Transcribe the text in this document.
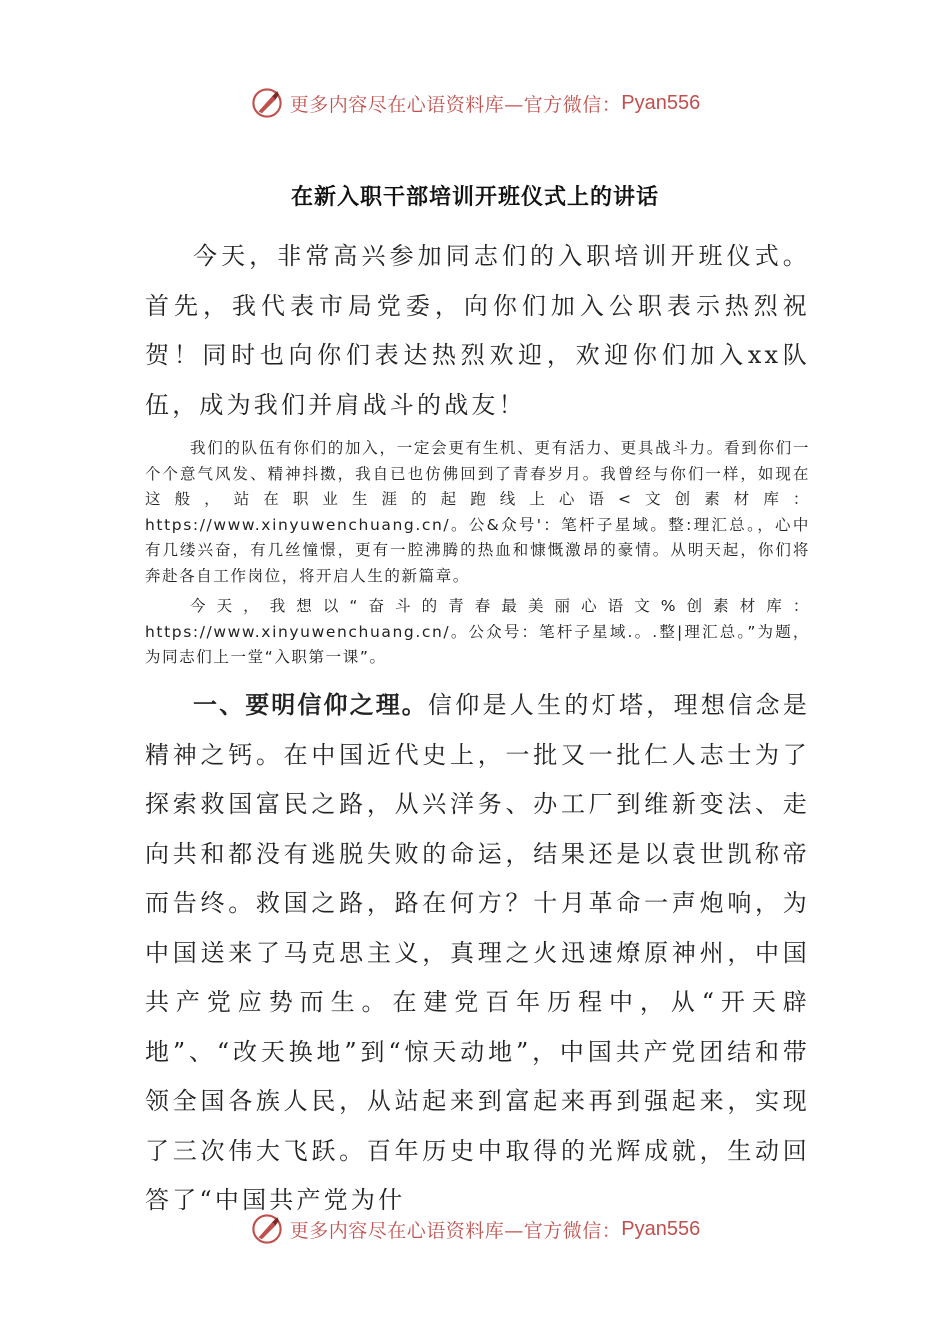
更多内容尽在心语资料库—官方微信： Pyan556
在新入职干部培训开班仪式上的讲话

今天，非常高兴参加同志们的入职培训开班仪式。首先，我代表市局党委，向你们加入公职表示热烈祝贺！同时也向你们表达热烈欢迎，欢迎你们加入xx队伍，成为我们并肩战斗的战友！

我们的队伍有你们的加入，一定会更有生机、更有活力、更具战斗力。看到你们一个个意气风发、精神抖擞，我自已也仿佛回到了青春岁月。我曾经与你们一样，如现在这般，站在职业生涯的起跑线上心语<文创素材库：https://www.xinyuwenchuang.cn/。公&众号'：笔杆子星域。整:理汇总。，心中有几缕兴奋，有几丝憧憬，更有一腔沸腾的热血和慷慨激昂的豪情。从明天起，你们将奔赴各自工作岗位，将开启人生的新篇章。

今天，我想以“奋斗的青春最美丽心语文%创素材库：https://www.xinyuwenchuang.cn/。公众号：笔杆子星域.。.整|理汇总。”为题，为同志们上一堂“入职第一课”。

一、要明信仰之理。信仰是人生的灯塔，理想信念是精神之钙。在中国近代史上，一批又一批仁人志士为了探索救国富民之路，从兴洋务、办工厂到维新变法、走向共和都没有逃脱失败的命运，结果还是以袁世凯称帝而告终。救国之路，路在何方？十月革命一声炮响，为中国送来了马克思主义，真理之火迅速燎原神州，中国共产党应势而生。在建党百年历程中，从“开天辟地”、“改天换地”到“惊天动地”，中国共产党团结和带领全国各族人民，从站起来到富起来再到强起来，实现了三次伟大飞跃。百年历史中取得的光辉成就，生动回答了“中国共产党为什

更多内容尽在心语资料库—官方微信： Pyan556
